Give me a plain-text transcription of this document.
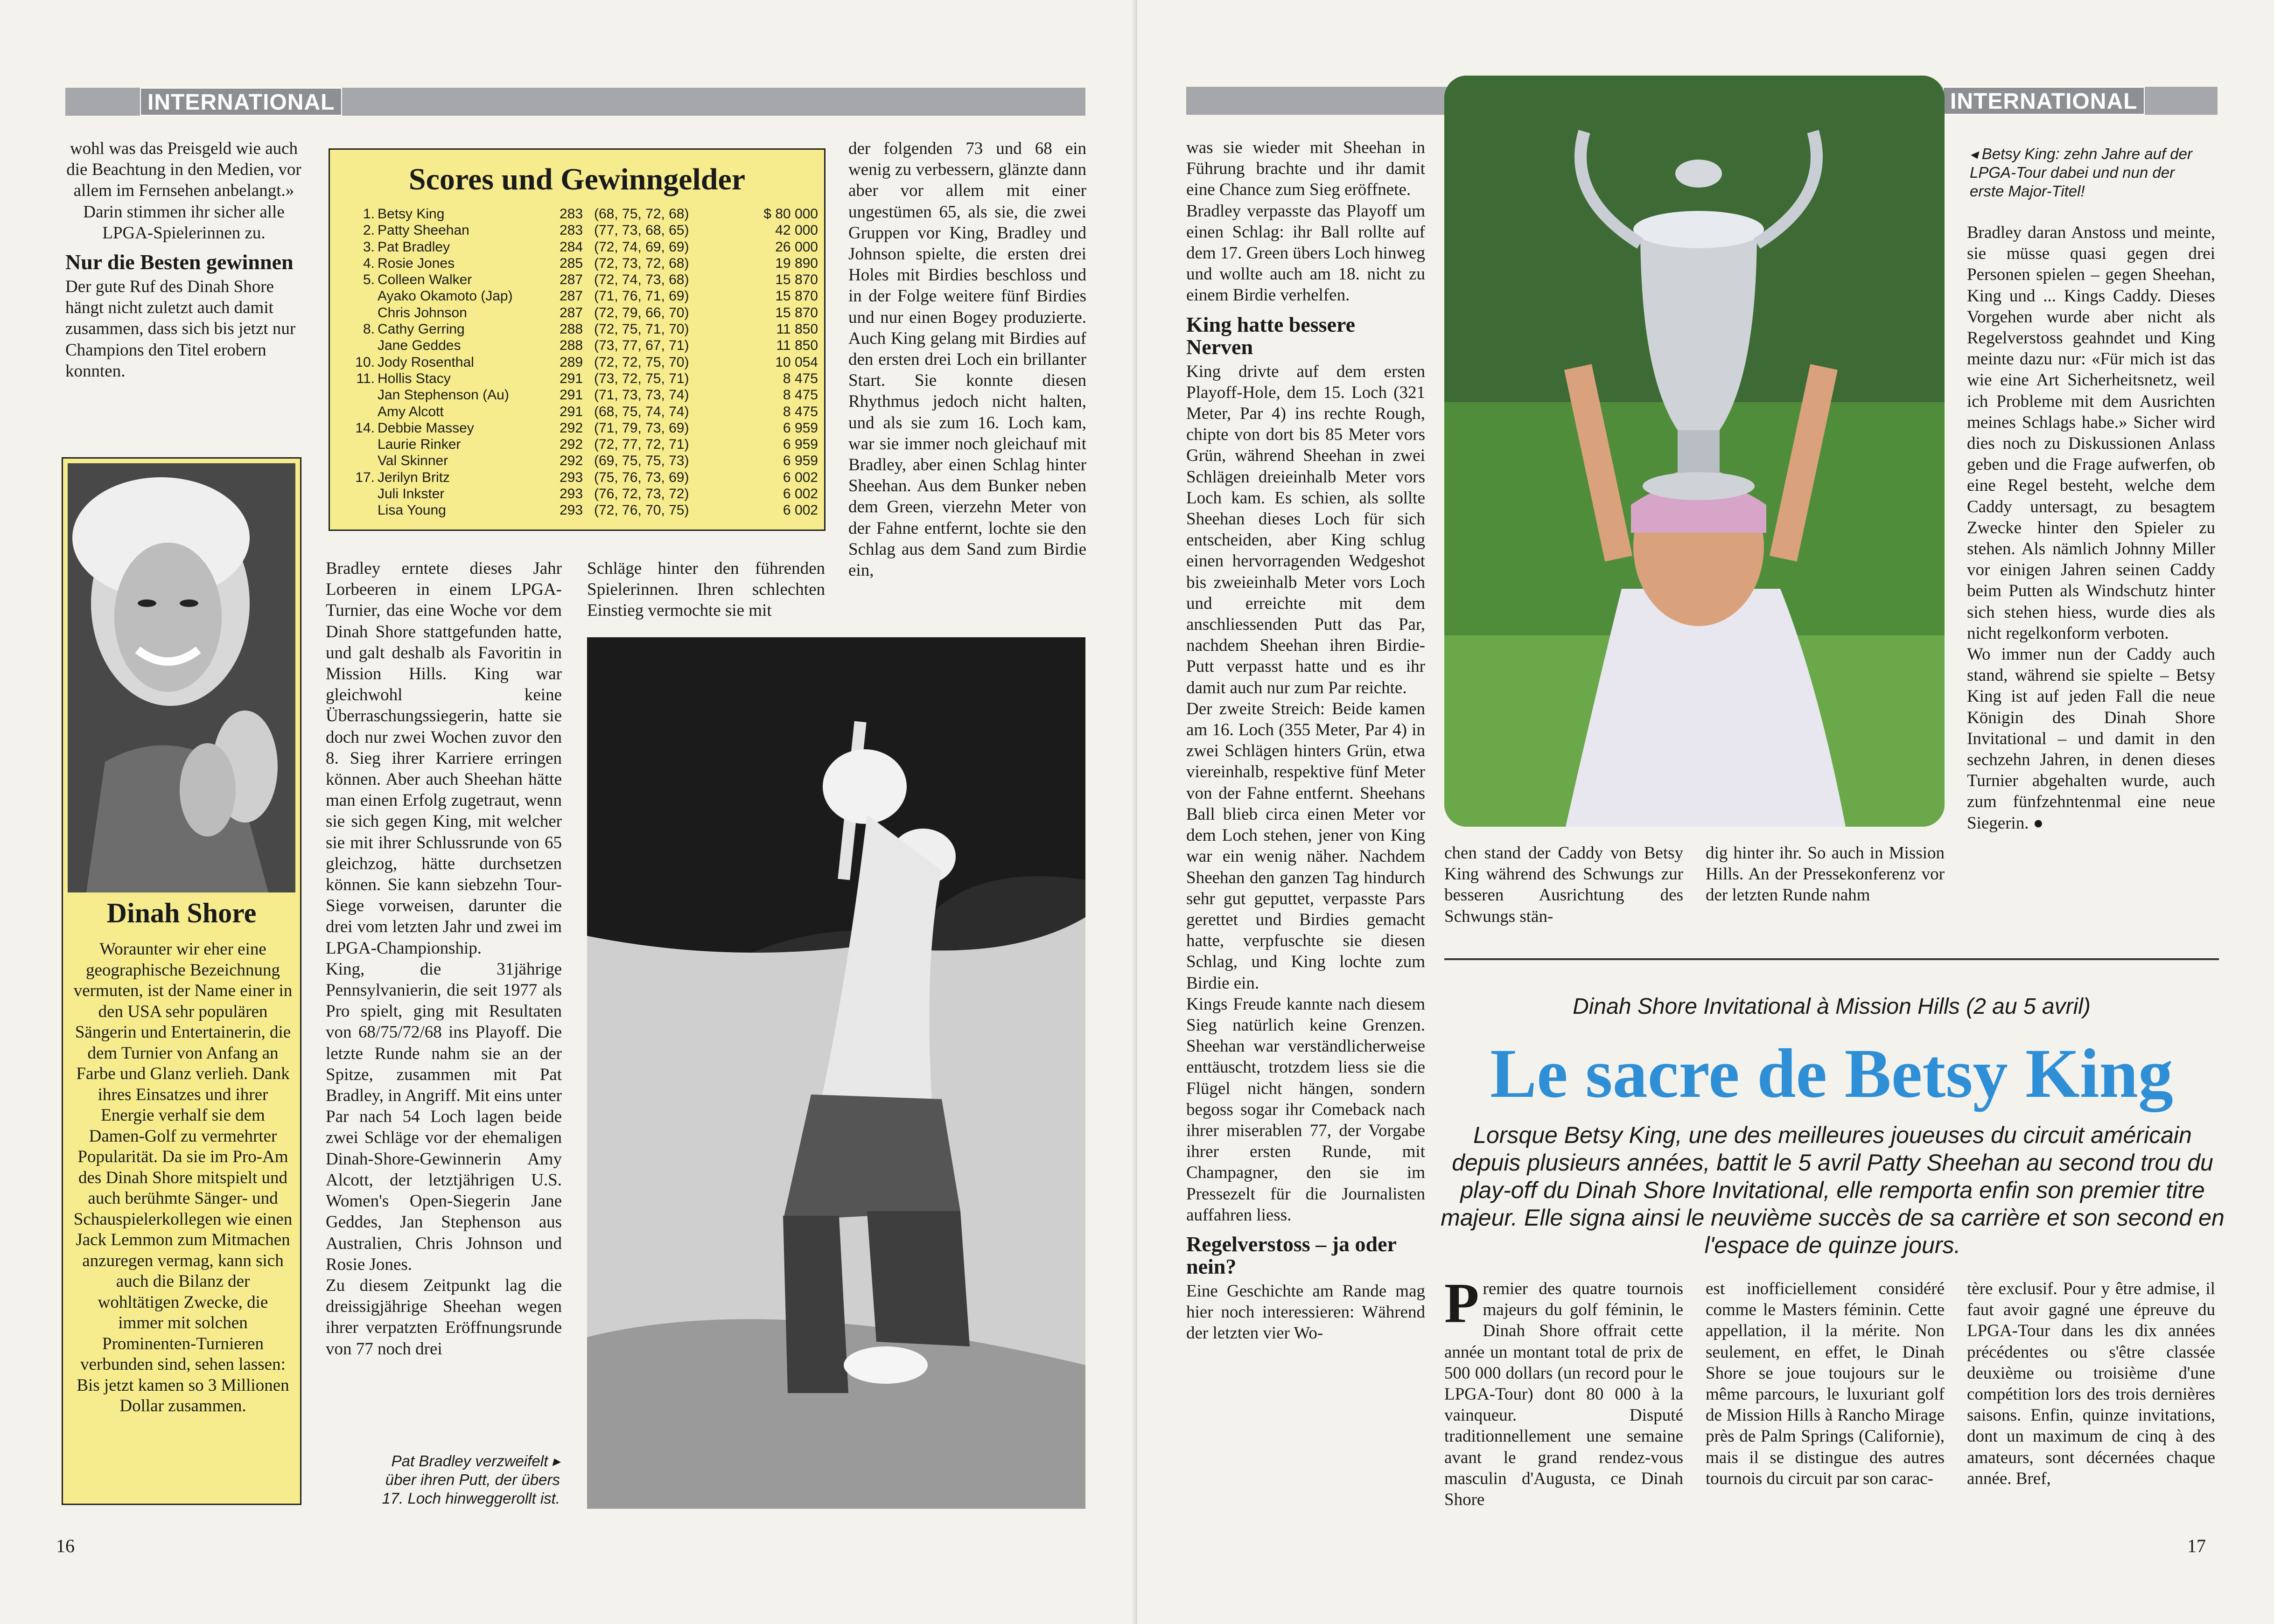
INTERNATIONAL

wohl was das Preisgeld wie auch die Beachtung in den Medien, vor allem im Fernsehen anbelangt.» Darin stimmen ihr sicher alle LPGA-Spielerinnen zu.

Nur die Besten gewinnen

Der gute Ruf des Dinah Shore hängt nicht zuletzt auch damit zusammen, dass sich bis jetzt nur Champions den Titel erobern konnten.

Dinah Shore
Woraunter wir eher eine geographische Bezeichnung vermuten, ist der Name einer in den USA sehr populären Sängerin und Entertainerin, die dem Turnier von Anfang an Farbe und Glanz verlieh. Dank ihres Einsatzes und ihrer Energie verhalf sie dem Damen-Golf zu vermehrter Popularität. Da sie im Pro-Am des Dinah Shore mitspielt und auch berühmte Sänger- und Schauspielerkollegen wie einen Jack Lemmon zum Mitmachen anzuregen vermag, kann sich auch die Bilanz der wohltätigen Zwecke, die immer mit solchen Prominenten-Turnieren verbunden sind, sehen lassen: Bis jetzt kamen so 3 Millionen Dollar zusammen.
Scores und Gewinngelder
1.	Betsy King	283	(68, 75, 72, 68)	$ 80 000
2.	Patty Sheehan	283	(77, 73, 68, 65)	42 000
3.	Pat Bradley	284	(72, 74, 69, 69)	26 000
4.	Rosie Jones	285	(72, 73, 72, 68)	19 890
5.	Colleen Walker	287	(72, 74, 73, 68)	15 870
	Ayako Okamoto (Jap)	287	(71, 76, 71, 69)	15 870
	Chris Johnson	287	(72, 79, 66, 70)	15 870
8.	Cathy Gerring	288	(72, 75, 71, 70)	11 850
	Jane Geddes	288	(73, 77, 67, 71)	11 850
10.	Jody Rosenthal	289	(72, 72, 75, 70)	10 054
11.	Hollis Stacy	291	(73, 72, 75, 71)	8 475
	Jan Stephenson (Au)	291	(71, 73, 73, 74)	8 475
	Amy Alcott	291	(68, 75, 74, 74)	8 475
14.	Debbie Massey	292	(71, 79, 73, 69)	6 959
	Laurie Rinker	292	(72, 77, 72, 71)	6 959
	Val Skinner	292	(69, 75, 75, 73)	6 959
17.	Jerilyn Britz	293	(75, 76, 73, 69)	6 002
	Juli Inkster	293	(76, 72, 73, 72)	6 002
	Lisa Young	293	(72, 76, 70, 75)	6 002

Bradley erntete dieses Jahr Lorbeeren in einem LPGA-Turnier, das eine Woche vor dem Dinah Shore stattgefunden hatte, und galt deshalb als Favoritin in Mission Hills. King war gleichwohl keine Überraschungssiegerin, hatte sie doch nur zwei Wochen zuvor den 8. Sieg ihrer Karriere erringen können. Aber auch Sheehan hätte man einen Erfolg zugetraut, wenn sie sich gegen King, mit welcher sie mit ihrer Schlussrunde von 65 gleichzog, hätte durchsetzen können. Sie kann siebzehn Tour-Siege vorweisen, darunter die drei vom letzten Jahr und zwei im LPGA-Championship.

King, die 31jährige Pennsylvanierin, die seit 1977 als Pro spielt, ging mit Resultaten von 68/75/72/68 ins Playoff. Die letzte Runde nahm sie an der Spitze, zusammen mit Pat Bradley, in Angriff. Mit eins unter Par nach 54 Loch lagen beide zwei Schläge vor der ehemaligen Dinah-Shore-Gewinnerin Amy Alcott, der letztjährigen U.S. Women's Open-Siegerin Jane Geddes, Jan Stephenson aus Australien, Chris Johnson und Rosie Jones.

Zu diesem Zeitpunkt lag die dreissigjährige Sheehan wegen ihrer verpatzten Eröffnungsrunde von 77 noch drei

Schläge hinter den führenden Spielerinnen. Ihren schlechten Einstieg vermochte sie mit
der folgenden 73 und 68 ein wenig zu verbessern, glänzte dann aber vor allem mit einer ungestümen 65, als sie, die zwei Gruppen vor King, Bradley und Johnson spielte, die ersten drei Holes mit Birdies beschloss und in der Folge weitere fünf Birdies und nur einen Bogey produzierte. Auch King gelang mit Birdies auf den ersten drei Loch ein brillanter Start. Sie konnte diesen Rhythmus jedoch nicht halten, und als sie zum 16. Loch kam, war sie immer noch gleichauf mit Bradley, aber einen Schlag hinter Sheehan. Aus dem Bunker neben dem Green, vierzehn Meter von der Fahne entfernt, lochte sie den Schlag aus dem Sand zum Birdie ein,
Pat Bradley verzweifelt ▸ über ihren Putt, der übers 17. Loch hinweggerollt ist.
16
INTERNATIONAL

was sie wieder mit Sheehan in Führung brachte und ihr damit eine Chance zum Sieg eröffnete.

Bradley verpasste das Playoff um einen Schlag: ihr Ball rollte auf dem 17. Green übers Loch hinweg und wollte auch am 18. nicht zu einem Birdie verhelfen.

King hatte bessere Nerven

King drivte auf dem ersten Playoff-Hole, dem 15. Loch (321 Meter, Par 4) ins rechte Rough, chipte von dort bis 85 Meter vors Grün, während Sheehan in zwei Schlägen dreieinhalb Meter vors Loch kam. Es schien, als sollte Sheehan dieses Loch für sich entscheiden, aber King schlug einen hervorragenden Wedgeshot bis zweieinhalb Meter vors Loch und erreichte mit dem anschliessenden Putt das Par, nachdem Sheehan ihren Birdie-Putt verpasst hatte und es ihr damit auch nur zum Par reichte.

Der zweite Streich: Beide kamen am 16. Loch (355 Meter, Par 4) in zwei Schlägen hinters Grün, etwa viereinhalb, respektive fünf Meter von der Fahne entfernt. Sheehans Ball blieb circa einen Meter vor dem Loch stehen, jener von King war ein wenig näher. Nachdem Sheehan den ganzen Tag hindurch sehr gut geputtet, verpasste Pars gerettet und Birdies gemacht hatte, verpfuschte sie diesen Schlag, und King lochte zum Birdie ein.

Kings Freude kannte nach diesem Sieg natürlich keine Grenzen. Sheehan war verständlicherweise enttäuscht, trotzdem liess sie die Flügel nicht hängen, sondern begoss sogar ihr Comeback nach ihrer miserablen 77, der Vorgabe ihrer ersten Runde, mit Champagner, den sie im Pressezelt für die Journalisten auffahren liess.

Regelverstoss – ja oder nein?

Eine Geschichte am Rande mag hier noch interessieren: Während der letzten vier Wo-

◂ Betsy King: zehn Jahre auf der LPGA-Tour dabei und nun der erste Major-Titel!
chen stand der Caddy von Betsy King während des Schwungs zur besseren Ausrichtung des Schwungs stän-
dig hinter ihr. So auch in Mission Hills. An der Pressekonferenz vor der letzten Runde nahm

Bradley daran Anstoss und meinte, sie müsse quasi gegen drei Personen spielen – gegen Sheehan, King und ... Kings Caddy. Dieses Vorgehen wurde aber nicht als Regelverstoss geahndet und King meinte dazu nur: «Für mich ist das wie eine Art Sicherheitsnetz, weil ich Probleme mit dem Ausrichten meines Schlags habe.» Sicher wird dies noch zu Diskussionen Anlass geben und die Frage aufwerfen, ob eine Regel besteht, welche dem Caddy untersagt, zu besagtem Zwecke hinter den Spieler zu stehen. Als nämlich Johnny Miller vor einigen Jahren seinen Caddy beim Putten als Windschutz hinter sich stehen hiess, wurde dies als nicht regelkonform verboten.

Wo immer nun der Caddy auch stand, während sie spielte – Betsy King ist auf jeden Fall die neue Königin des Dinah Shore Invitational – und damit in den sechzehn Jahren, in denen dieses Turnier abgehalten wurde, auch zum fünfzehntenmal eine neue Siegerin. ●

Dinah Shore Invitational à Mission Hills (2 au 5 avril)
Le sacre de Betsy King
Lorsque Betsy King, une des meilleures joueuses du circuit américain depuis plusieurs années, battit le 5 avril Patty Sheehan au second trou du play-off du Dinah Shore Invitational, elle remporta enfin son premier titre majeur. Elle signa ainsi le neuvième succès de sa carrière et son second en l'espace de quinze jours.
P remier des quatre tournois majeurs du golf féminin, le Dinah Shore offrait cette année un montant total de prix de 500 000 dollars (un record pour le LPGA-Tour) dont 80 000 à la vainqueur. Disputé traditionnellement une semaine avant le grand rendez-vous masculin d'Augusta, ce Dinah Shore
est inofficiellement considéré comme le Masters féminin. Cette appellation, il la mérite. Non seulement, en effet, le Dinah Shore se joue toujours sur le même parcours, le luxuriant golf de Mission Hills à Rancho Mirage près de Palm Springs (Californie), mais il se distingue des autres tournois du circuit par son carac-
tère exclusif. Pour y être admise, il faut avoir gagné une épreuve du LPGA-Tour dans les dix années précédentes ou s'être classée deuxième ou troisième d'une compétition lors des trois dernières saisons. Enfin, quinze invitations, dont un maximum de cinq à des amateurs, sont décernées chaque année. Bref,
17
